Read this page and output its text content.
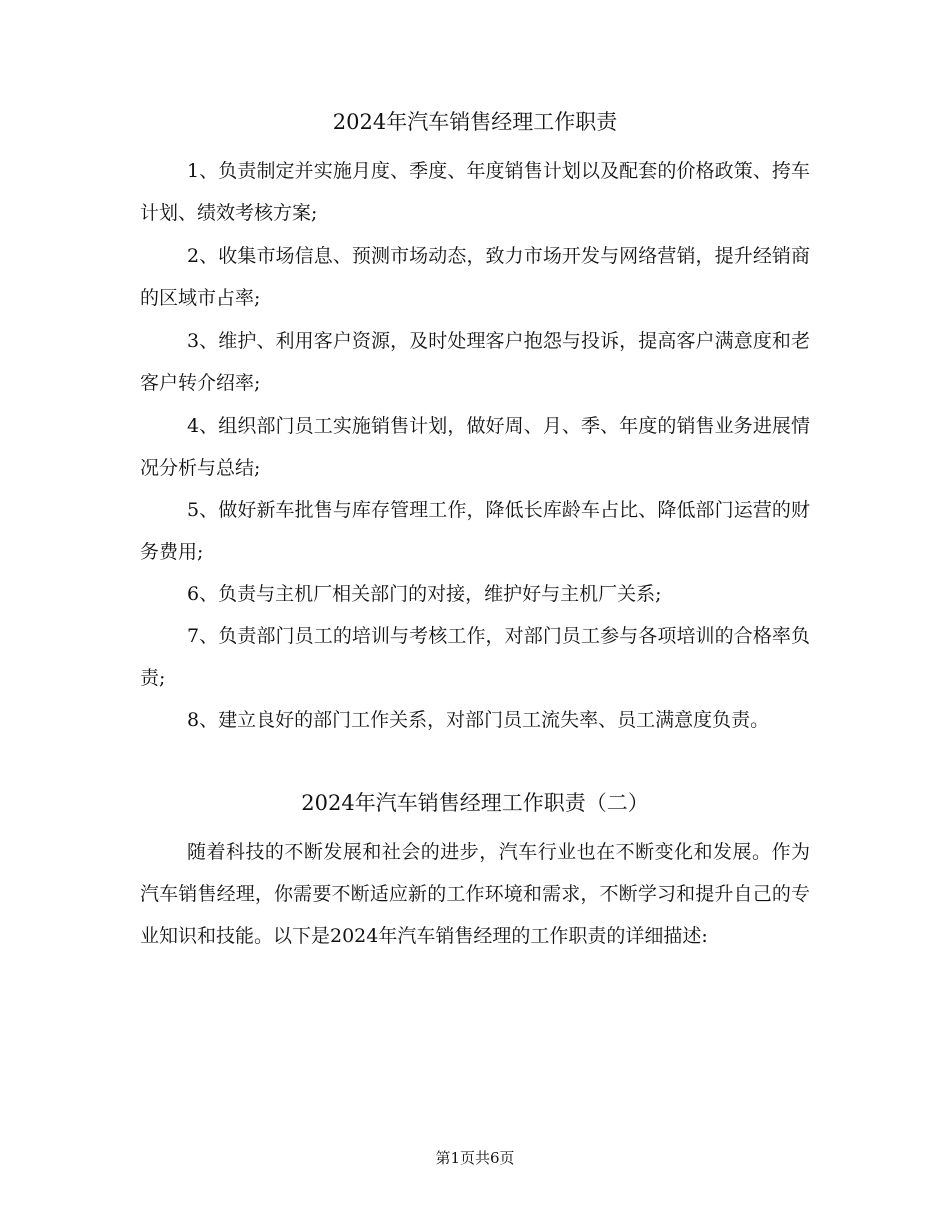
2024年汽车销售经理工作职责

1、负责制定并实施月度、季度、年度销售计划以及配套的价格政策、挎车计划、绩效考核方案;

2、收集市场信息、预测市场动态，致力市场开发与网络营销，提升经销商的区域市占率;

3、维护、利用客户资源，及时处理客户抱怨与投诉，提高客户满意度和老客户转介绍率;

4、组织部门员工实施销售计划，做好周、月、季、年度的销售业务进展情况分析与总结;

5、做好新车批售与库存管理工作，降低长库龄车占比、降低部门运营的财务费用;

6、负责与主机厂相关部门的对接，维护好与主机厂关系;

7、负责部门员工的培训与考核工作，对部门员工参与各项培训的合格率负责;

8、建立良好的部门工作关系，对部门员工流失率、员工满意度负责。

2024年汽车销售经理工作职责（二）

随着科技的不断发展和社会的进步，汽车行业也在不断变化和发展。作为汽车销售经理，你需要不断适应新的工作环境和需求，不断学习和提升自己的专业知识和技能。以下是2024年汽车销售经理的工作职责的详细描述:

第1页共6页
